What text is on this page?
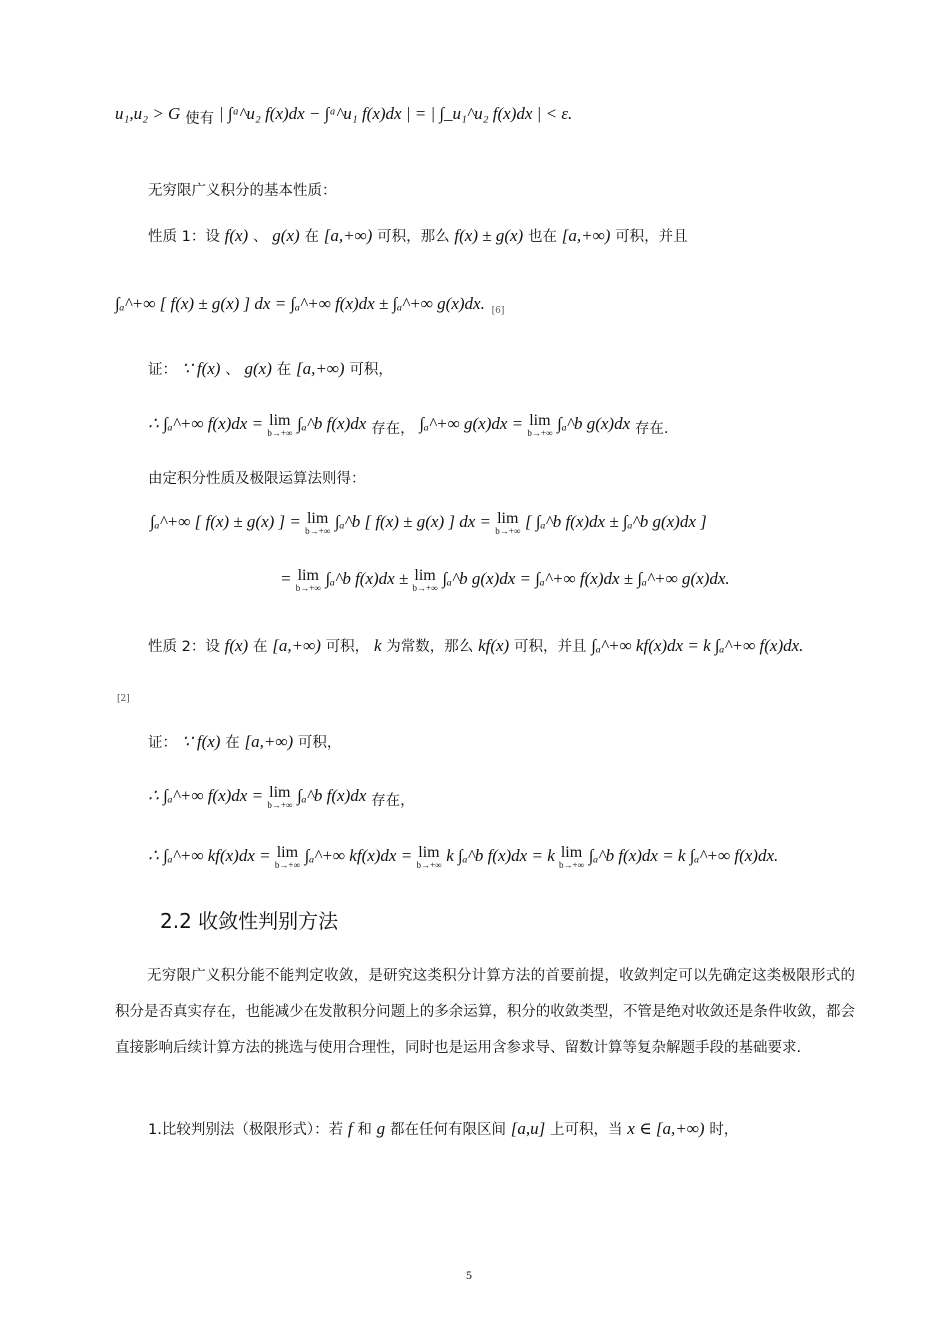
u₁,u₂ > G 使有 | ∫ᵃ^u₂ f(x)dx − ∫ᵃ^u₁ f(x)dx | = | ∫_u₁^u₂ f(x)dx | < ε.
无穷限广义积分的基本性质：
性质 1：设 f(x) 、 g(x) 在 [a,+∞) 可积，那么 f(x) ± g(x) 也在 [a,+∞) 可积，并且
∫ₐ^+∞ [ f(x) ± g(x) ] dx = ∫ₐ^+∞ f(x)dx ± ∫ₐ^+∞ g(x)dx. $_{[6]}$
证： ∵ f(x) 、 g(x) 在 [a,+∞) 可积，
∴ ∫ₐ^+∞ f(x)dx = lim
b→+∞
∫ₐ^b f(x)dx 存在， ∫ₐ^+∞ g(x)dx = lim
b→+∞
∫ₐ^b g(x)dx 存在.
由定积分性质及极限运算法则得：
∫ₐ^+∞ [ f(x) ± g(x) ] = lim
b→+∞
∫ₐ^b [ f(x) ± g(x) ] dx = lim
b→+∞
[ ∫ₐ^b f(x)dx ± ∫ₐ^b g(x)dx ]
= lim
b→+∞
∫ₐ^b f(x)dx ± lim
b→+∞
∫ₐ^b g(x)dx = ∫ₐ^+∞ f(x)dx ± ∫ₐ^+∞ g(x)dx.
性质 2：设 f(x) 在 [a,+∞) 可积， k 为常数，那么 kf(x) 可积，并且 ∫ₐ^+∞ kf(x)dx = k ∫ₐ^+∞ f(x)dx.
$_{[2]}$
证： ∵ f(x) 在 [a,+∞) 可积，
∴ ∫ₐ^+∞ f(x)dx = lim
b→+∞
∫ₐ^b f(x)dx 存在，
∴ ∫ₐ^+∞ kf(x)dx = lim
b→+∞
∫ₐ^+∞ kf(x)dx = lim
b→+∞
k ∫ₐ^b f(x)dx = k lim
b→+∞
∫ₐ^b f(x)dx = k ∫ₐ^+∞ f(x)dx.
2.2 收敛性判别方法
无穷限广义积分能不能判定收敛，是研究这类积分计算方法的首要前提，收敛判定可以先确定这类极限形式的积分是否真实存在，也能减少在发散积分问题上的多余运算，积分的收敛类型，不管是绝对收敛还是条件收敛，都会直接影响后续计算方法的挑选与使用合理性，同时也是运用含参求导、留数计算等复杂解题手段的基础要求.
1.比较判别法（极限形式）：若 f 和 g 都在任何有限区间 [a,u] 上可积，当 x ∈ [a,+∞) 时，
5
